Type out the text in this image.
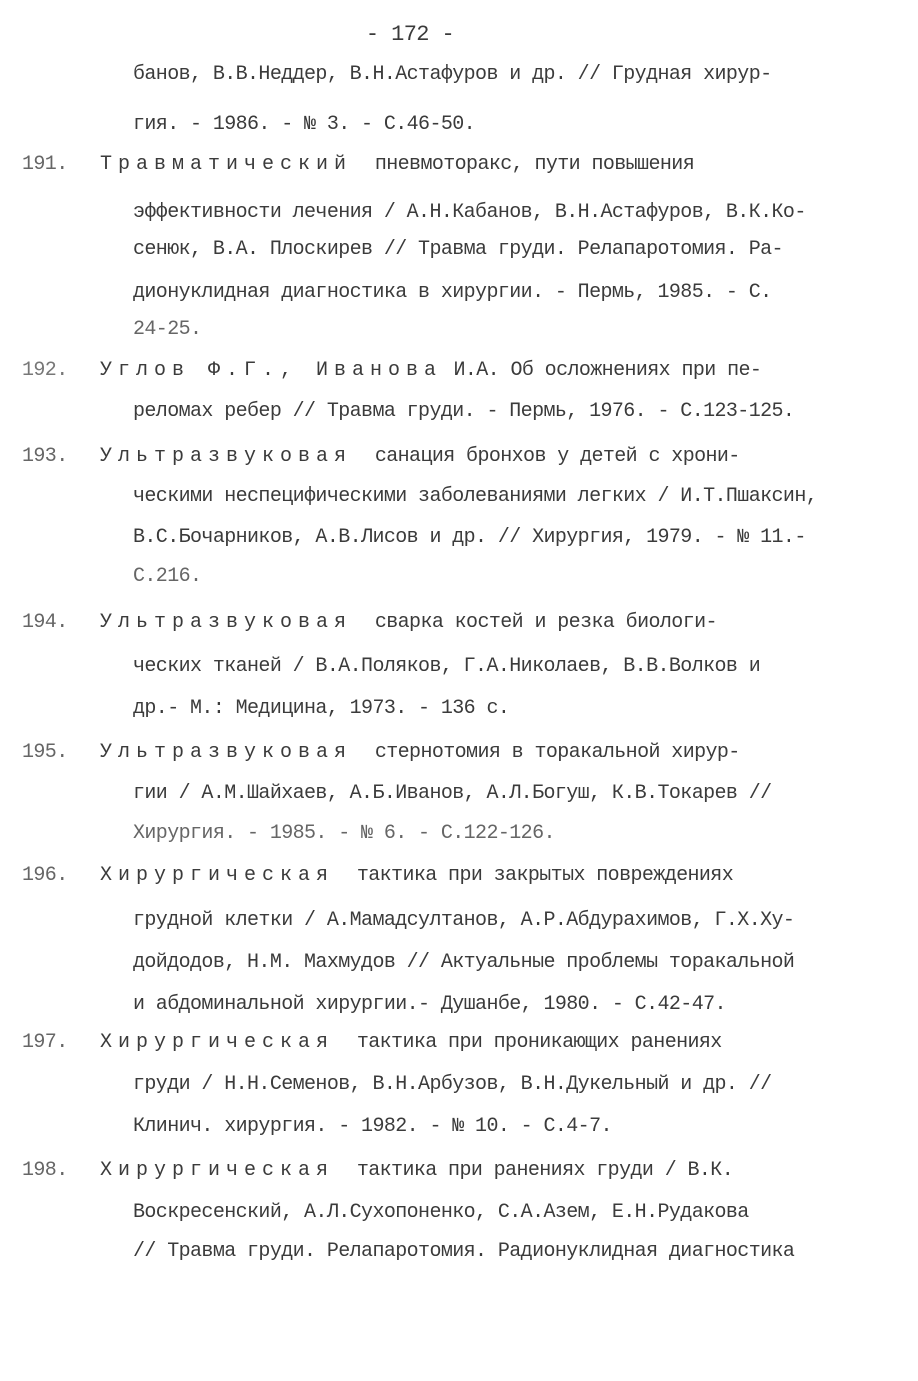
- 172 -
банов, В.В.Неддер, В.Н.Астафуров и др. // Грудная хирур-
гия. - 1986. - № 3. - С.46-50.
191.	Травматический  пневмоторакс, пути повышения
эффективности лечения / А.Н.Кабанов, В.Н.Астафуров, В.К.Ко-
сенюк, В.А. Плоскирев // Травма груди. Релапаротомия. Ра-
дионуклидная диагностика в хирургии. - Пермь, 1985. - С.
24-25.
192.	Углов Ф.Г., Иванова И.А. Об осложнениях при пе-
реломах ребер // Травма груди. - Пермь, 1976. - С.123-125.
193.	Ультразвуковая  санация бронхов у детей с хрони-
ческими неспецифическими заболеваниями легких / И.Т.Пшаксин,
В.С.Бочарников, А.В.Лисов и др. // Хирургия, 1979. - № 11.-
С.216.
194.	Ультразвуковая  сварка костей и резка биологи-
ческих тканей / В.А.Поляков, Г.А.Николаев, В.В.Волков и
др.- М.: Медицина, 1973. - 136 с.
195.	Ультразвуковая  стернотомия в торакальной хирур-
гии / А.М.Шайхаев, А.Б.Иванов, А.Л.Богуш, К.В.Токарев //
Хирургия. - 1985. - № 6. - С.122-126.
196.	Хирургическая  тактика при закрытых повреждениях
грудной клетки / А.Мамадсултанов, А.Р.Абдурахимов, Г.Х.Ху-
дойдодов, Н.М. Махмудов // Актуальные проблемы торакальной
и абдоминальной хирургии.- Душанбе, 1980. - С.42-47.
197.	Хирургическая  тактика при проникающих ранениях
груди / Н.Н.Семенов, В.Н.Арбузов, В.Н.Дукельный и др. //
Клинич. хирургия. - 1982. - № 10. - С.4-7.
198.	Хирургическая  тактика при ранениях груди / В.К.
Воскресенский, А.Л.Сухопоненко, С.А.Азем, Е.Н.Рудакова
// Травма груди. Релапаротомия. Радионуклидная диагностика
